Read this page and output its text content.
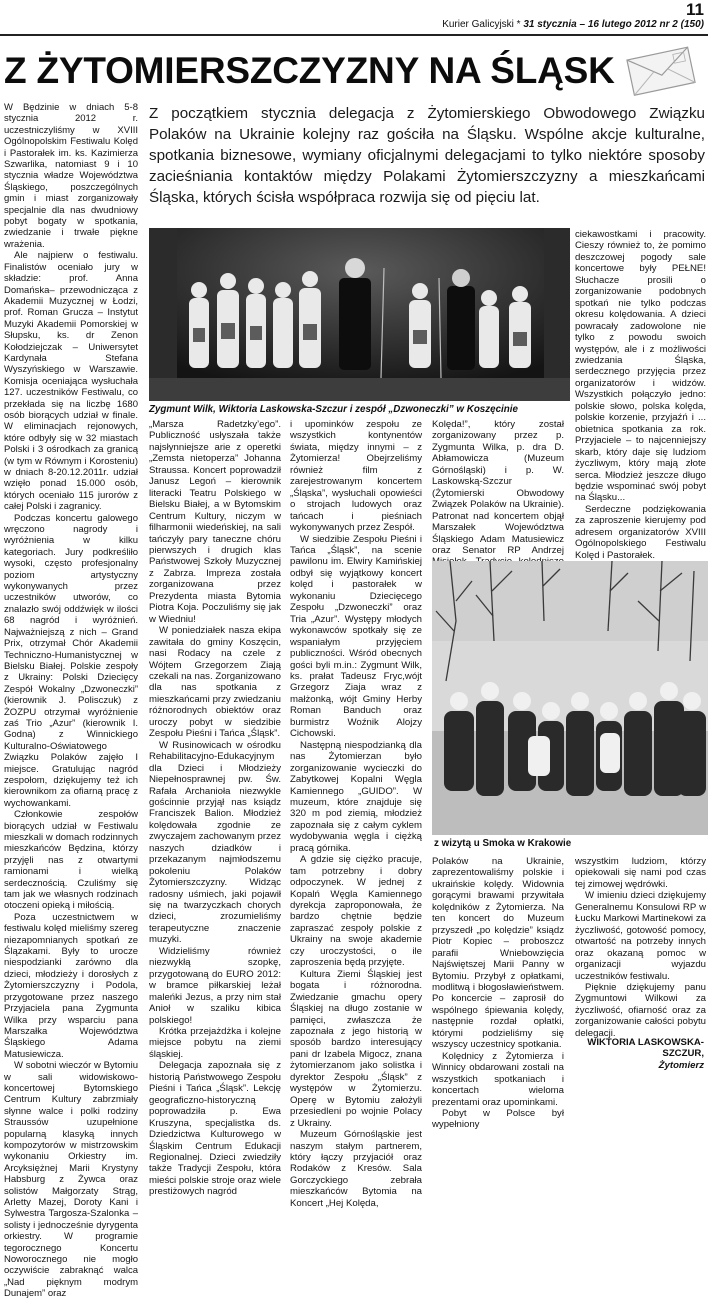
11
Kurier Galicyjski * 31 stycznia – 16 lutego 2012 nr 2 (150)
Z ŻYTOMIERSZCZYZNY NA ŚLĄSK
Z początkiem stycznia delegacja z Żytomierskiego Obwodowego Związku Polaków na Ukrainie kolejny raz gościła na Śląsku. Wspólne akcje kulturalne, spotkania biznesowe, wymiany oficjalnymi delegacjami to tylko niektóre sposoby zacieśniania kontaktów między Polakami Żytomierszczyzny a mieszkańcami Śląska, których ścisła współpraca rozwija się od pięciu lat.

W Będzinie w dniach 5-8 stycznia 2012 r. uczestniczyliśmy w XVIII Ogólnopolskim Festiwalu Kolęd i Pastorałek im. ks. Kazimierza Szwarlika, natomiast 9 i 10 stycznia władze Województwa Śląskiego, poszczególnych gmin i miast zorganizowały specjalnie dla nas dwudniowy pobyt bogaty w spotkania, zwiedzanie i trwałe piękne wrażenia.

Ale najpierw o festiwalu. Finalistów oceniało jury w składzie: prof. Anna Domańska– przewodnicząca z Akademii Muzycznej w Łodzi, prof. Roman Grucza – Instytut Muzyki Akademii Pomorskiej w Słupsku, ks. dr Zenon Kołodziejczak – Uniwersytet Kardynała Stefana Wyszyńskiego w Warszawie. Komisja oceniająca wysłuchała 127. uczestników Festiwalu, co przekłada się na liczbę 1680 osób biorących udział w finale. W eliminacjach rejonowych, które odbyły się w 32 miastach Polski i 3 ośrodkach za granicą (w tym w Równym i Korosteniu) w dniach 8-20.12.2011r. udział wzięło ponad 15.000 osób, których oceniało 115 jurorów z całej Polski i zagranicy.

Podczas koncertu galowego wręczono nagrody i wyróżnienia w kilku kategoriach. Jury podkreśliło wysoki, często profesjonalny poziom artystyczny wykonywanych przez uczestników utworów, co znalazło swój oddźwięk w ilości 68 nagród i wyróżnień. Najważniejszą z nich – Grand Prix, otrzymał Chór Akademii Techniczno-Humanistycznej w Bielsku Białej. Polskie zespoły z Ukrainy: Polski Dziecięcy Zespół Wokalny „Dzwoneczki” (kierownik J. Polisczuk) z ŻOZPU otrzymał wyróżnienie zaś Trio „Azur” (kierownik I. Godna) z Winnickiego Kulturalno-Oświatowego Związku Polaków zajęło I miejsce. Gratulując nagród zespołom, dziękujemy też ich kierownikom za ofiarną pracę z wychowankami.

Członkowie zespołów biorących udział w Festiwalu mieszkali w domach rodzinnych mieszkańców Będzina, którzy przyjęli nas z otwartymi ramionami i wielką serdecznością. Czuliśmy się tam jak we własnych rodzinach otoczeni opieką i miłością.

Poza uczestnictwem w festiwalu kolęd mieliśmy szereg niezapomnianych spotkań ze Ślązakami. Były to urocze niespodzianki zarówno dla dzieci, młodzieży i dorosłych z Żytomierszczyzny i Podola, przygotowane przez naszego Przyjaciela pana Zygmunta Wilka przy wsparciu pana Marszałka Województwa Śląskiego Adama Matusiewicza.

W sobotni wieczór w Bytomiu w sali widowiskowo-koncertowej Bytomskiego Centrum Kultury zabrzmiały słynne walce i polki rodziny Straussów uzupełnione popularną klasyką innych kompozytorów w mistrzowskim wykonaniu Orkiestry im. Arcyksiężnej Marii Krystyny Habsburg z Żywca oraz solistów Małgorzaty Strąg, Arletty Mazej, Doroty Kani i Sylwestra Targosza-Szalonka – solisty i jednocześnie dyrygenta orkiestry. W programie tegorocznego Koncertu Noworocznego nie mogło oczywiście zabraknąć walca „Nad pięknym modrym Dunajem” oraz

Zygmunt Wilk, Wiktoria Laskowska-Szczur i zespół „Dzwoneczki” w Koszęcinie

„Marsza Radetzky’ego”. Publiczność usłyszała także najsłynniejsze arie z operetki „Zemsta nietoperza” Johanna Straussa. Koncert poprowadził Janusz Legoń – kierownik literacki Teatru Polskiego w Bielsku Białej, a w Bytomskim Centrum Kultury, niczym w filharmonii wiedeńskiej, na sali tańczyły pary taneczne chóru pierwszych i drugich klas Państwowej Szkoły Muzycznej z Zabrza. Impreza została zorganizowana przez Prezydenta miasta Bytomia Piotra Koja. Poczuliśmy się jak w Wiedniu!

W poniedziałek nasza ekipa zawitała do gminy Koszęcin, nasi Rodacy na czele z Wójtem Grzegorzem Ziają czekali na nas. Zorganizowano dla nas spotkania z mieszkańcami przy zwiedzaniu różnorodnych obiektów oraz uroczy pobyt w siedzibie Zespołu Pieśni i Tańca „Śląsk”.

W Rusinowicach w ośrodku Rehabilitacyjno-Edukacyjnym dla Dzieci i Młodzieży Niepełnosprawnej pw. Św. Rafała Archanioła niezwykle gościnnie przyjął nas ksiądz Franciszek Balion. Młodzież kolędowała zgodnie ze zwyczajem zachowanym przez naszych dziadków i przekazanym najmłodszemu pokoleniu Polaków Żytomierszczyzny. Widząc radosny uśmiech, jaki pojawił się na twarzyczkach chorych dzieci, zrozumieliśmy terapeutyczne znaczenie muzyki.

Widzieliśmy również niezwykłą szopkę, przygotowaną do EURO 2012: w bramce piłkarskiej leżał maleńki Jezus, a przy nim stał Anioł w szaliku kibica polskiego!

Krótka przejażdżka i kolejne miejsce pobytu na ziemi śląskiej.

Delegacja zapoznała się z historią Państwowego Zespołu Pieśni i Tańca „Śląsk”. Lekcję geograficzno-historyczną poprowadziła p. Ewa Kruszyna, specjalistka ds. Dziedzictwa Kulturowego w Śląskim Centrum Edukacji Regionalnej. Dzieci zwiedziły także Tradycji Zespołu, która mieści polskie stroje oraz wiele prestiżowych nagród

i upominków zespołu ze wszystkich kontynentów świata, między innymi – z Żytomierza! Obejrzeliśmy również film z zarejestrowanym koncertem „Śląska”, wysłuchali opowieści o strojach ludowych oraz tańcach i pieśniach wykonywanych przez Zespół.

W siedzibie Zespołu Pieśni i Tańca „Śląsk”, na scenie pawilonu im. Elwiry Kamińskiej odbył się wyjątkowy koncert kolęd i pastorałek w wykonaniu Dziecięcego Zespołu „Dzwoneczki” oraz Tria „Azur”. Występy młodych wykonawców spotkały się ze wspaniałym przyjęciem publiczności. Wśród obecnych gości byli m.in.: Zygmunt Wilk, ks. prałat Tadeusz Fryc,wójt Grzegorz Ziaja wraz z małżonką, wójt Gminy Herby Roman Banduch oraz burmistrz Woźnik Alojzy Cichowski.

Następną niespodzianką dla nas Żytomierzan było zorganizowanie wycieczki do Zabytkowej Kopalni Węgla Kamiennego „GUIDO”. W muzeum, które znajduje się 320 m pod ziemią, młodzież zapoznała się z całym cyklem wydobywania węgla i ciężką pracą górnika.

A gdzie się ciężko pracuje, tam potrzebny i dobry odpoczynek. W jednej z Kopalń Węgla Kamiennego dyrekcja zaproponowała, że bardzo chętnie będzie zapraszać zespoły polskie z Ukrainy na swoje akademie czy uroczystości, o ile zaproszenia będą przyjęte.

Kultura Ziemi Śląskiej jest bogata i różnorodna. Zwiedzanie gmachu opery Śląskiej na długo zostanie w pamięci, zwłaszcza że zapoznała z jego historią w sposób bardzo interesujący pani dr Izabela Migocz, znana żytomierzanom jako solistka i dyrektor Zespołu „Śląsk” z występów w Żytomierzu. Operę w Bytomiu założyli przesiedleni po wojnie Polacy z Ukrainy.

Muzeum Górnośląskie jest naszym stałym partnerem, który łączy przyjaciół oraz Rodaków z Kresów. Sala Gorczyckiego zebrała mieszkańców Bytomia na Koncert „Hej Kolęda,

Kolęda!”, który został zorganizowany przez p. Zygmunta Wilka, p. dra D. Abłamowicza (Muzeum Górnośląski) i p. W. Laskowską-Szczur (Żytomierski Obwodowy Związek Polaków na Ukrainie). Patronat nad koncertem objął Marszałek Województwa Śląskiego Adam Matusiewicz oraz Senator RP Andrzej

ciekawostkami i pracowity. Cieszy również to, że pomimo deszczowej pogody sale koncertowe były PEŁNE! Słuchacze prosili o zorganizowanie podobnych spotkań nie tylko podczas okresu kolędowania. A dzieci powracały zadowolone nie tylko z powodu swoich występów, ale i z możliwości zwiedzania Śląska, serdecznego przyjęcia przez organizatorów i widzów. Wszystkich połączyło jedno: polskie słowo, polska kolęda, polskie korzenie, przyjaźń i ... obietnica spotkania za rok. Przyjaciele – to najcenniejszy skarb, który daje się ludziom życzliwym, który mają złote serca. Młodzież jeszcze długo będzie wspominać swój pobyt na Śląsku...

Serdeczne podziękowania za zaproszenie kierujemy pod adresem organizatorów XVIII Ogólnopolskiego Festiwalu Kolęd i Pastorałek.

z wizytą u Smoka w Krakowie

Polaków na Ukrainie, zaprezentowaliśmy polskie i ukraińskie kolędy. Widownia gorącymi brawami przywitała kolędników z Żytomierza. Na ten koncert do Muzeum przyszedł „po kolędzie” ksiądz Piotr Kopiec – proboszcz parafii Wniebowzięcia Najświętszej Marii Panny w Bytomiu. Przybył z opłatkami, modlitwą i błogosławieństwem. Po koncercie – zaprosił do wspólnego śpiewania kolędy, następnie rozdał opłatki, którymi podzieliśmy się wszyscy uczestnicy spotkania.

Kolędnicy z Żytomierza i Winnicy obdarowani zostali na wszystkich spotkaniach i koncertach wieloma prezentami oraz upominkami.

Pobyt w Polsce był wypełniony

wszystkim ludziom, którzy opiekowali się nami pod czas tej zimowej wędrówki.

W imieniu dzieci dziękujemy Generalnemu Konsulowi RP w Łucku Markowi Martinekowi za życzliwość, gotowość pomocy, otwartość na potrzeby innych oraz okazaną pomoc w organizacji wyjazdu uczestników festiwalu.

Pięknie dziękujemy panu Zygmuntowi Wilkowi za życzliwość, ofiarność oraz za zorganizowanie całości pobytu delegacji.

WIKTORIA LASKOWSKA-SZCZUR,
Żytomierz
